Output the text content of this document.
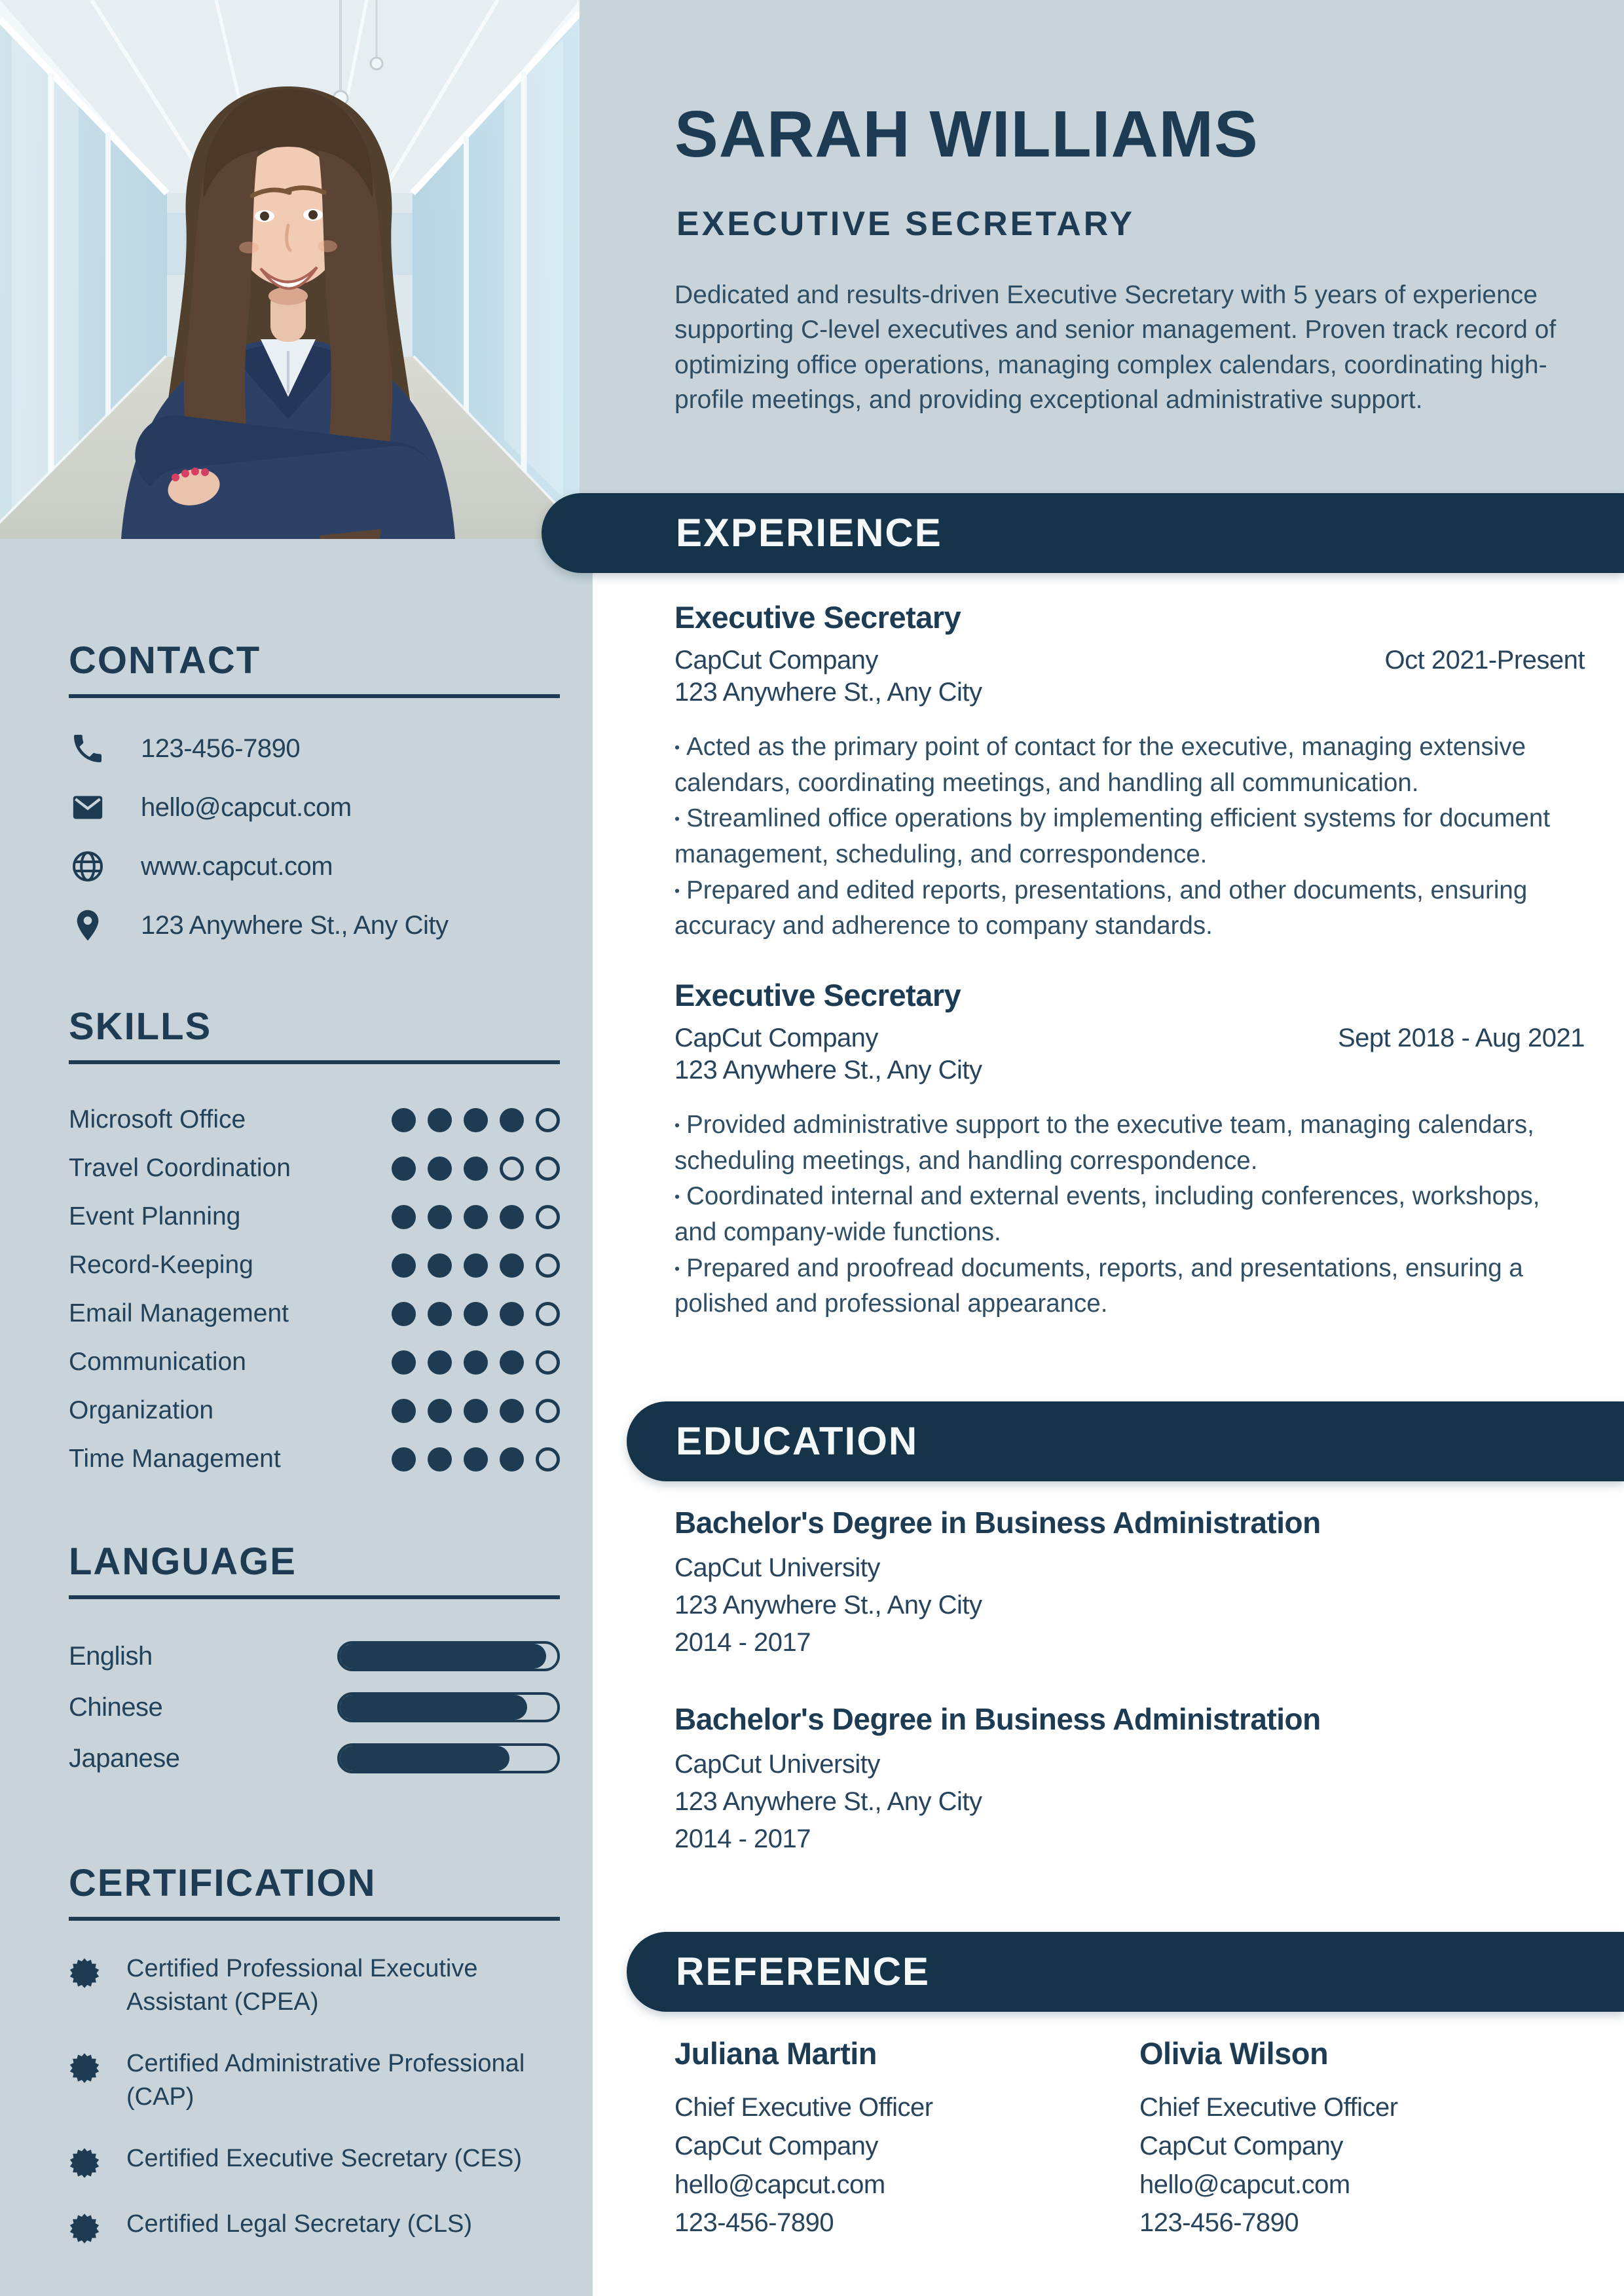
CONTACT
123-456-7890
hello@capcut.com
www.capcut.com
123 Anywhere St., Any City
SKILLS
Microsoft Office
Travel Coordination
Event Planning
Record-Keeping
Email Management
Communication
Organization
Time Management
LANGUAGE
English
Chinese
Japanese
CERTIFICATION
Certified Professional Executive Assistant (CPEA)
Certified Administrative Professional (CAP)
Certified Executive Secretary (CES)
Certified Legal Secretary (CLS)
SARAH WILLIAMS
EXECUTIVE SECRETARY
Dedicated and results-driven Executive Secretary with 5 years of experience supporting C-level executives and senior management. Proven track record of optimizing office operations, managing complex calendars, coordinating high-profile meetings, and providing exceptional administrative support.
EXPERIENCE
EDUCATION
REFERENCE
Executive Secretary
CapCut Company	Oct 2021-Present
123 Anywhere St., Any City
• Acted as the primary point of contact for the executive, managing extensive calendars, coordinating meetings, and handling all communication.
• Streamlined office operations by implementing efficient systems for document management, scheduling, and correspondence.
• Prepared and edited reports, presentations, and other documents, ensuring accuracy and adherence to company standards.
Executive Secretary
CapCut Company	Sept 2018 - Aug 2021
123 Anywhere St., Any City
• Provided administrative support to the executive team, managing calendars, scheduling meetings, and handling correspondence.
• Coordinated internal and external events, including conferences, workshops, and company-wide functions.
• Prepared and proofread documents, reports, and presentations, ensuring a polished and professional appearance.
Bachelor's Degree in Business Administration
CapCut University
123 Anywhere St., Any City
2014 - 2017
Bachelor's Degree in Business Administration
CapCut University
123 Anywhere St., Any City
2014 - 2017
Juliana Martin
Chief Executive Officer
CapCut Company
hello@capcut.com
123-456-7890
Olivia Wilson
Chief Executive Officer
CapCut Company
hello@capcut.com
123-456-7890
